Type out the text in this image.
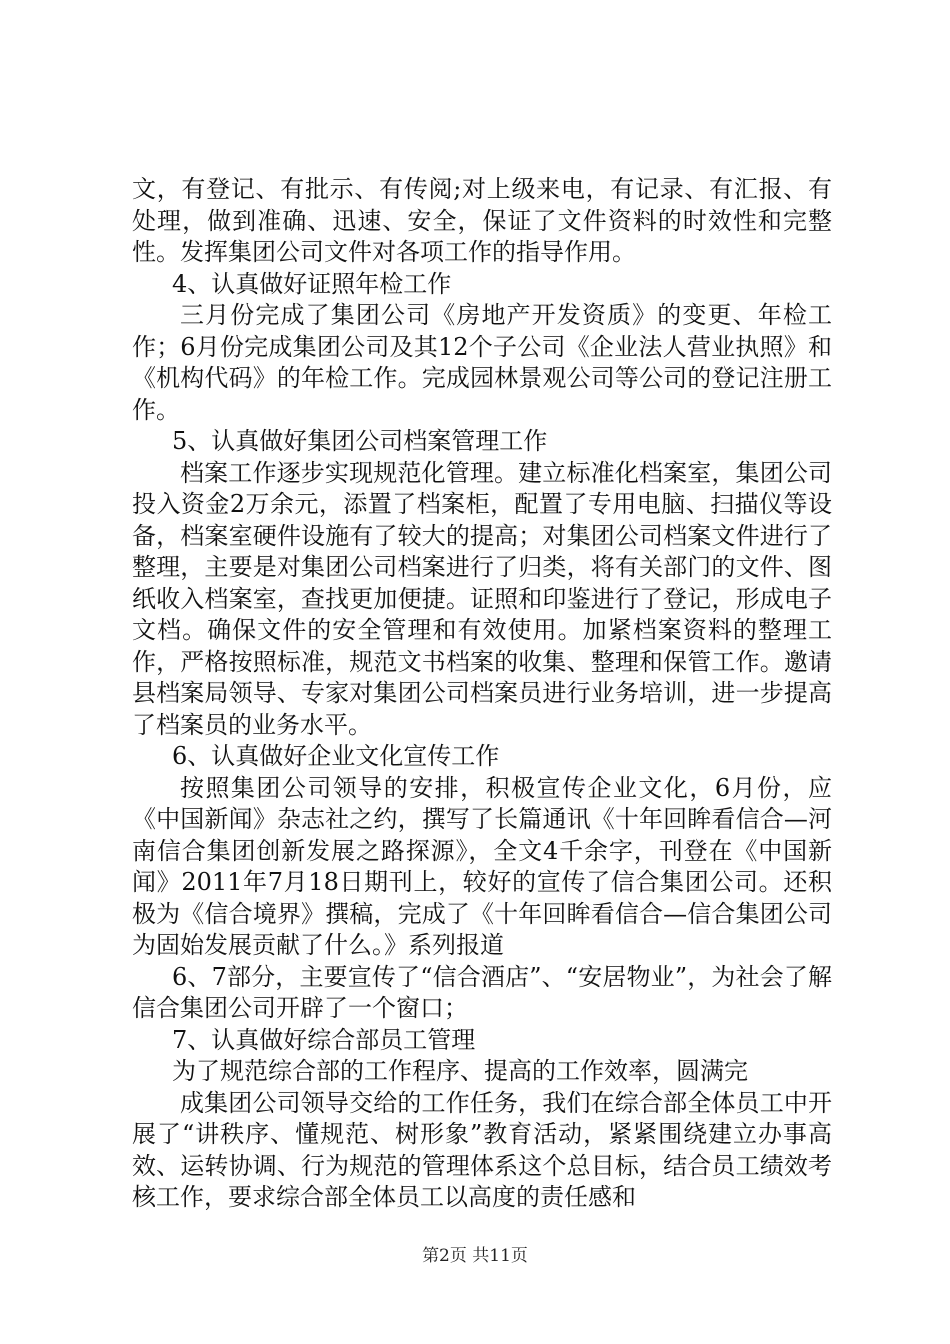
文，有登记、有批示、有传阅;对上级来电，有记录、有汇报、有处理，做到准确、迅速、安全，保证了文件资料的时效性和完整性。发挥集团公司文件对各项工作的指导作用。

4、认真做好证照年检工作

三月份完成了集团公司《房地产开发资质》的变更、年检工作；6月份完成集团公司及其12个子公司《企业法人营业执照》和《机构代码》的年检工作。完成园林景观公司等公司的登记注册工作。

5、认真做好集团公司档案管理工作

档案工作逐步实现规范化管理。建立标准化档案室，集团公司投入资金2万余元，添置了档案柜，配置了专用电脑、扫描仪等设备，档案室硬件设施有了较大的提高；对集团公司档案文件进行了整理，主要是对集团公司档案进行了归类，将有关部门的文件、图纸收入档案室，查找更加便捷。证照和印鉴进行了登记，形成电子文档。确保文件的安全管理和有效使用。加紧档案资料的整理工作，严格按照标准，规范文书档案的收集、整理和保管工作。邀请县档案局领导、专家对集团公司档案员进行业务培训，进一步提高了档案员的业务水平。

6、认真做好企业文化宣传工作

按照集团公司领导的安排，积极宣传企业文化，6月份，应《中国新闻》杂志社之约，撰写了长篇通讯《十年回眸看信合—河南信合集团创新发展之路探源》，全文4千余字，刊登在《中国新闻》2011年7月18日期刊上，较好的宣传了信合集团公司。还积极为《信合境界》撰稿，完成了《十年回眸看信合—信合集团公司为固始发展贡献了什么。》系列报道

6、7部分，主要宣传了“信合酒店”、“安居物业”，为社会了解信合集团公司开辟了一个窗口；

7、认真做好综合部员工管理

为了规范综合部的工作程序、提高的工作效率，圆满完

成集团公司领导交给的工作任务，我们在综合部全体员工中开展了“讲秩序、懂规范、树形象”教育活动，紧紧围绕建立办事高效、运转协调、行为规范的管理体系这个总目标，结合员工绩效考核工作，要求综合部全体员工以高度的责任感和

第2页 共11页
